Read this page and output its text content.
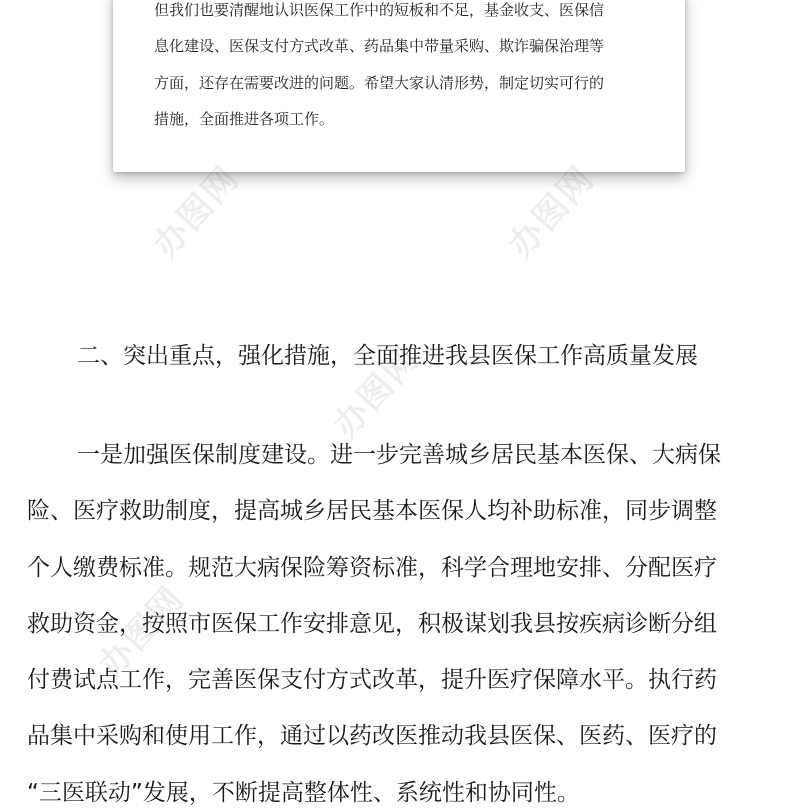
但我们也要清醒地认识医保工作中的短板和不足，基金收支、医保信
息化建设、医保支付方式改革、药品集中带量采购、欺诈骗保治理等
方面，还存在需要改进的问题。希望大家认清形势，制定切实可行的
措施，全面推进各项工作。
办图网	办图网
办图网
办图网
二、突出重点，强化措施，全面推进我县医保工作高质量发展
一是加强医保制度建设。进一步完善城乡居民基本医保、大病保
险、医疗救助制度，提高城乡居民基本医保人均补助标准，同步调整
个人缴费标准。规范大病保险筹资标准，科学合理地安排、分配医疗
救助资金，按照市医保工作安排意见，积极谋划我县按疾病诊断分组
付费试点工作，完善医保支付方式改革，提升医疗保障水平。执行药
品集中采购和使用工作，通过以药改医推动我县医保、医药、医疗的
“三医联动”发展，不断提高整体性、系统性和协同性。
